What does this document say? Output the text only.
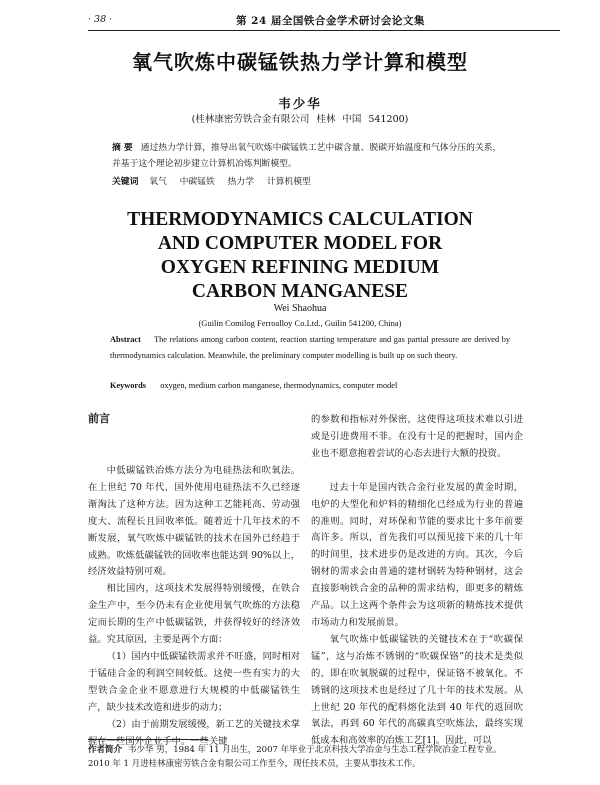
· 38 ·	第 24 届全国铁合金学术研讨会论文集
氧气吹炼中碳锰铁热力学计算和模型
韦少华
(桂林康密劳铁合金有限公司 桂林 中国 541200)
摘 要 通过热力学计算，推导出氧气吹炼中碳锰铁工艺中碳含量、脱碳开始温度和气体分压的关系，并基于这个理论初步建立计算机冶炼判断模型。
关键词 氧气 中碳锰铁 热力学 计算机模型
THERMODYNAMICS CALCULATION
AND COMPUTER MODEL FOR
OXYGEN REFINING MEDIUM
CARBON MANGANESE
Wei Shaohua
(Guilin Comilog Ferroalloy Co.Ltd., Guilin 541200, China)
Abstract The relations among carbon content, reaction starting temperature and gas partial pressure are derived by thermodynamics calculation. Meanwhile, the preliminary computer modelling is built up on such theory.
Keywords oxygen, medium carbon manganese, thermodynamics, computer model
前言

中低碳锰铁冶炼方法分为电硅热法和吹氧法。在上世纪 70 年代，国外使用电硅热法不久已经逐渐淘汰了这种方法。因为这种工艺能耗高、劳动强度大、流程长且回收率低。随着近十几年技术的不断发展，氧气吹炼中碳锰铁的技术在国外已经趋于成熟。吹炼低碳锰铁的回收率也能达到 90%以上，经济效益特别可观。

相比国内，这项技术发展得特别缓慢，在铁合金生产中，至今仍未有企业使用氧气吹炼的方法稳定而长期的生产中低碳锰铁，并获得较好的经济效益。究其原因，主要是两个方面：

（1）国内中低碳锰铁需求并不旺盛，同时相对于锰硅合金的利润空间较低。这使一些有实力的大型铁合金企业不愿意进行大规模的中低碳锰铁生产，缺少技术改造和进步的动力；

（2）由于前期发展缓慢，新工艺的关键技术掌握在一些国外企业手中。一些关键

的参数和指标对外保密，这使得这项技术难以引进或是引进费用不菲。在没有十足的把握时，国内企业也不愿意抱着尝试的心态去进行大额的投资。

过去十年是国内铁合金行业发展的黄金时期，电炉的大型化和炉料的精细化已经成为行业的普遍的准则。同时，对环保和节能的要求比十多年前要高许多。所以，首先我们可以预见接下来的几十年的时间里，技术进步仍是改进的方向。其次，今后钢材的需求会由普通的建材钢转为特种钢材，这会直接影响铁合金的品种的需求结构，即更多的精炼产品。以上这两个条件会为这项新的精炼技术提供市场动力和发展前景。

氧气吹炼中低碳锰铁的关键技术在于“吹碳保锰”，这与冶炼不锈钢的“吹碳保铬”的技术是类似的，即在吹氧脱碳的过程中，保证铬不被氧化。不锈钢的这项技术也是经过了几十年的技术发展。从上世纪 20 年代的配料熔化法到 40 年代的返回吹氧法，再到 60 年代的高碳真空吹炼法，最终实现低成本和高效率的冶炼工艺[1]。因此，可以

作者简介 韦少华 男，1984 年 11 月出生，2007 年毕业于北京科技大学冶金与生态工程学院冶金工程专业。2010 年 1 月进桂林康密劳铁合金有限公司工作至今，现任技术员，主要从事技术工作。
